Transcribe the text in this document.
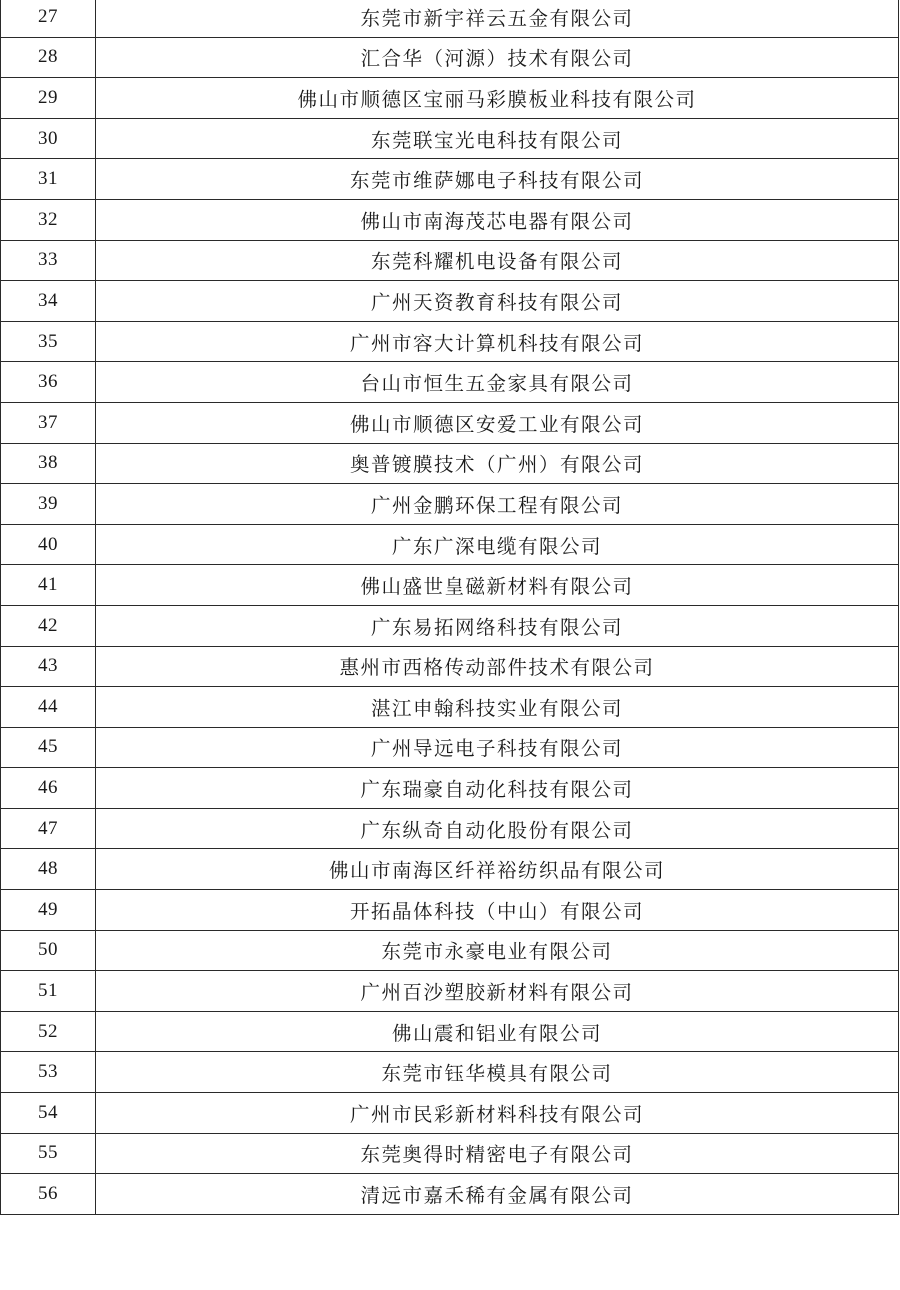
27	东莞市新宇祥云五金有限公司
28	汇合华（河源）技术有限公司
29	佛山市顺德区宝丽马彩膜板业科技有限公司
30	东莞联宝光电科技有限公司
31	东莞市维萨娜电子科技有限公司
32	佛山市南海茂芯电器有限公司
33	东莞科耀机电设备有限公司
34	广州天资教育科技有限公司
35	广州市容大计算机科技有限公司
36	台山市恒生五金家具有限公司
37	佛山市顺德区安爱工业有限公司
38	奥普镀膜技术（广州）有限公司
39	广州金鹏环保工程有限公司
40	广东广深电缆有限公司
41	佛山盛世皇磁新材料有限公司
42	广东易拓网络科技有限公司
43	惠州市西格传动部件技术有限公司
44	湛江申翰科技实业有限公司
45	广州导远电子科技有限公司
46	广东瑞豪自动化科技有限公司
47	广东纵奇自动化股份有限公司
48	佛山市南海区纤祥裕纺织品有限公司
49	开拓晶体科技（中山）有限公司
50	东莞市永豪电业有限公司
51	广州百沙塑胶新材料有限公司
52	佛山震和铝业有限公司
53	东莞市钰华模具有限公司
54	广州市民彩新材料科技有限公司
55	东莞奥得时精密电子有限公司
56	清远市嘉禾稀有金属有限公司
